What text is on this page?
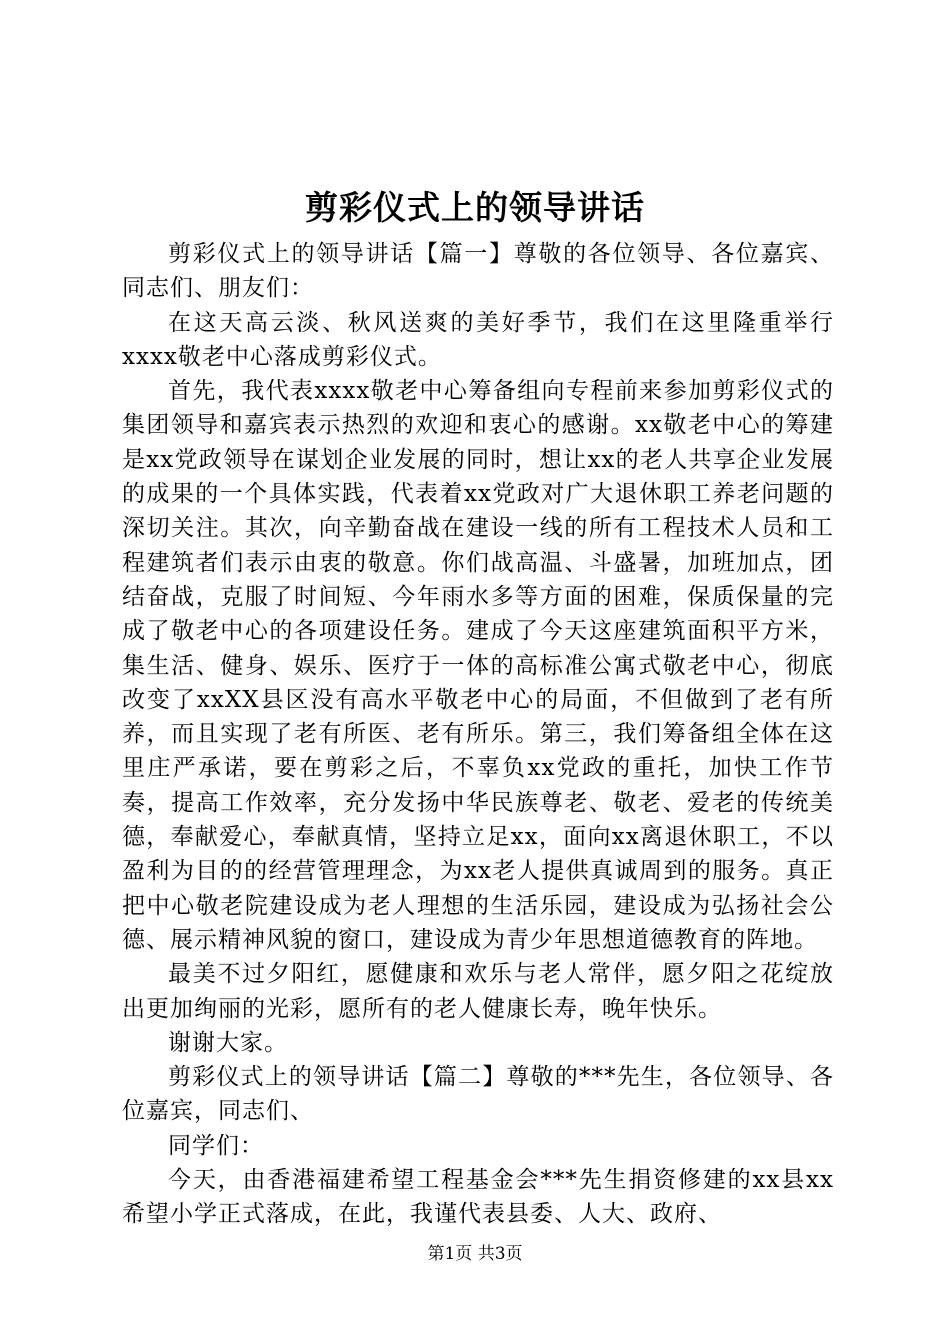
剪彩仪式上的领导讲话

剪彩仪式上的领导讲话【篇一】尊敬的各位领导、各位嘉宾、同志们、朋友们：

在这天高云淡、秋风送爽的美好季节，我们在这里隆重举行xxxx敬老中心落成剪彩仪式。

首先，我代表xxxx敬老中心筹备组向专程前来参加剪彩仪式的集团领导和嘉宾表示热烈的欢迎和衷心的感谢。xx敬老中心的筹建是xx党政领导在谋划企业发展的同时，想让xx的老人共享企业发展的成果的一个具体实践，代表着xx党政对广大退休职工养老问题的深切关注。其次，向辛勤奋战在建设一线的所有工程技术人员和工程建筑者们表示由衷的敬意。你们战高温、斗盛暑，加班加点，团结奋战，克服了时间短、今年雨水多等方面的困难，保质保量的完成了敬老中心的各项建设任务。建成了今天这座建筑面积平方米，集生活、健身、娱乐、医疗于一体的高标准公寓式敬老中心，彻底改变了xxXX县区没有高水平敬老中心的局面，不但做到了老有所养，而且实现了老有所医、老有所乐。第三，我们筹备组全体在这里庄严承诺，要在剪彩之后，不辜负xx党政的重托，加快工作节奏，提高工作效率，充分发扬中华民族尊老、敬老、爱老的传统美德，奉献爱心，奉献真情，坚持立足xx，面向xx离退休职工，不以盈利为目的的经营管理理念，为xx老人提供真诚周到的服务。真正把中心敬老院建设成为老人理想的生活乐园，建设成为弘扬社会公德、展示精神风貌的窗口，建设成为青少年思想道德教育的阵地。

最美不过夕阳红，愿健康和欢乐与老人常伴，愿夕阳之花绽放出更加绚丽的光彩，愿所有的老人健康长寿，晚年快乐。

谢谢大家。

剪彩仪式上的领导讲话【篇二】尊敬的***先生，各位领导、各位嘉宾，同志们、

同学们：

今天，由香港福建希望工程基金会***先生捐资修建的xx县xx希望小学正式落成，在此，我谨代表县委、人大、政府、

第1页 共3页
